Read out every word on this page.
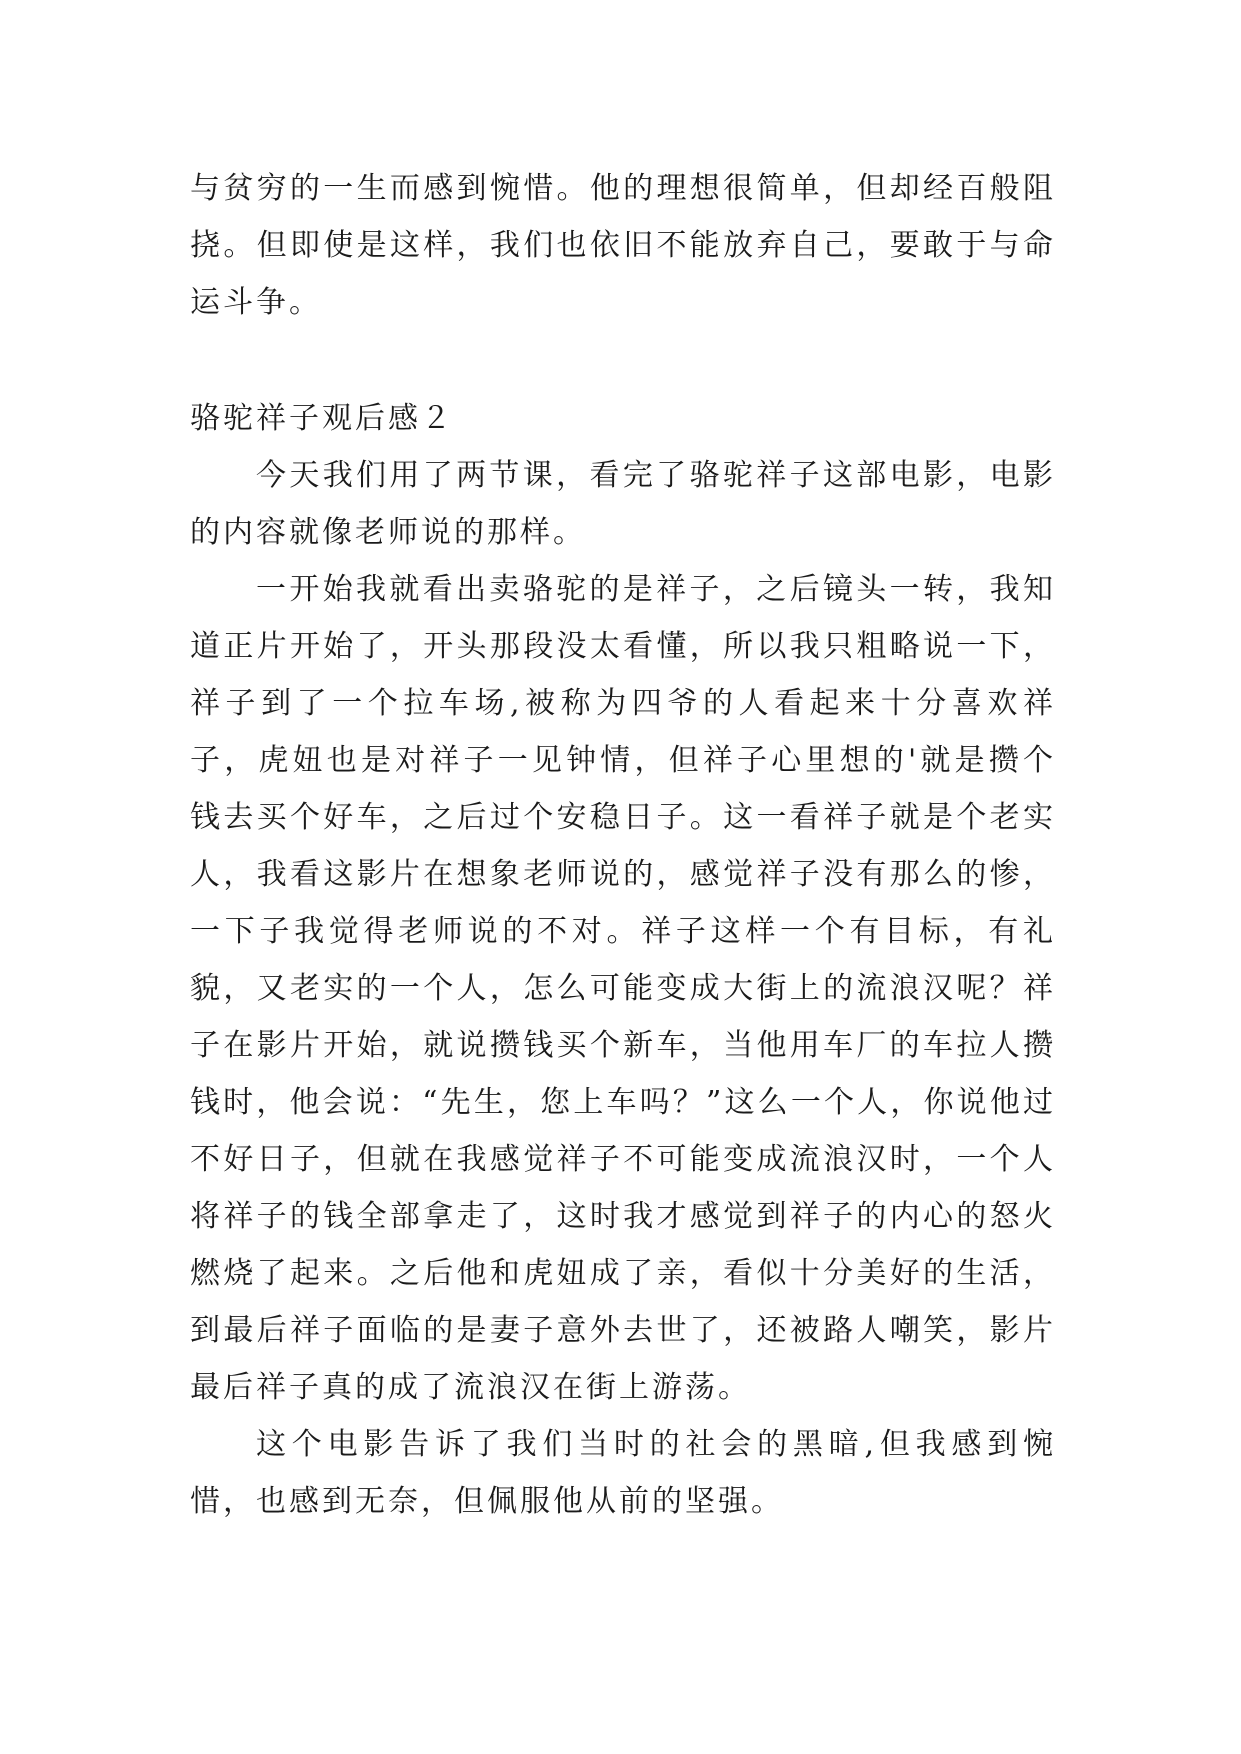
与贫穷的一生而感到惋惜。他的理想很简单，但却经百般阻挠。但即使是这样，我们也依旧不能放弃自己，要敢于与命运斗争。

骆驼祥子观后感２

今天我们用了两节课，看完了骆驼祥子这部电影，电影的内容就像老师说的那样。

一开始我就看出卖骆驼的是祥子，之后镜头一转，我知道正片开始了，开头那段没太看懂，所以我只粗略说一下，祥子到了一个拉车场,被称为四爷的人看起来十分喜欢祥子，虎妞也是对祥子一见钟情，但祥子心里想的'就是攒个钱去买个好车，之后过个安稳日子。这一看祥子就是个老实人，我看这影片在想象老师说的，感觉祥子没有那么的惨，一下子我觉得老师说的不对。祥子这样一个有目标，有礼貌，又老实的一个人，怎么可能变成大街上的流浪汉呢？祥子在影片开始，就说攒钱买个新车，当他用车厂的车拉人攒钱时，他会说：“先生，您上车吗？”这么一个人，你说他过不好日子，但就在我感觉祥子不可能变成流浪汉时，一个人将祥子的钱全部拿走了，这时我才感觉到祥子的内心的怒火燃烧了起来。之后他和虎妞成了亲，看似十分美好的生活，到最后祥子面临的是妻子意外去世了，还被路人嘲笑，影片最后祥子真的成了流浪汉在街上游荡。

这个电影告诉了我们当时的社会的黑暗,但我感到惋惜，也感到无奈，但佩服他从前的坚强。
